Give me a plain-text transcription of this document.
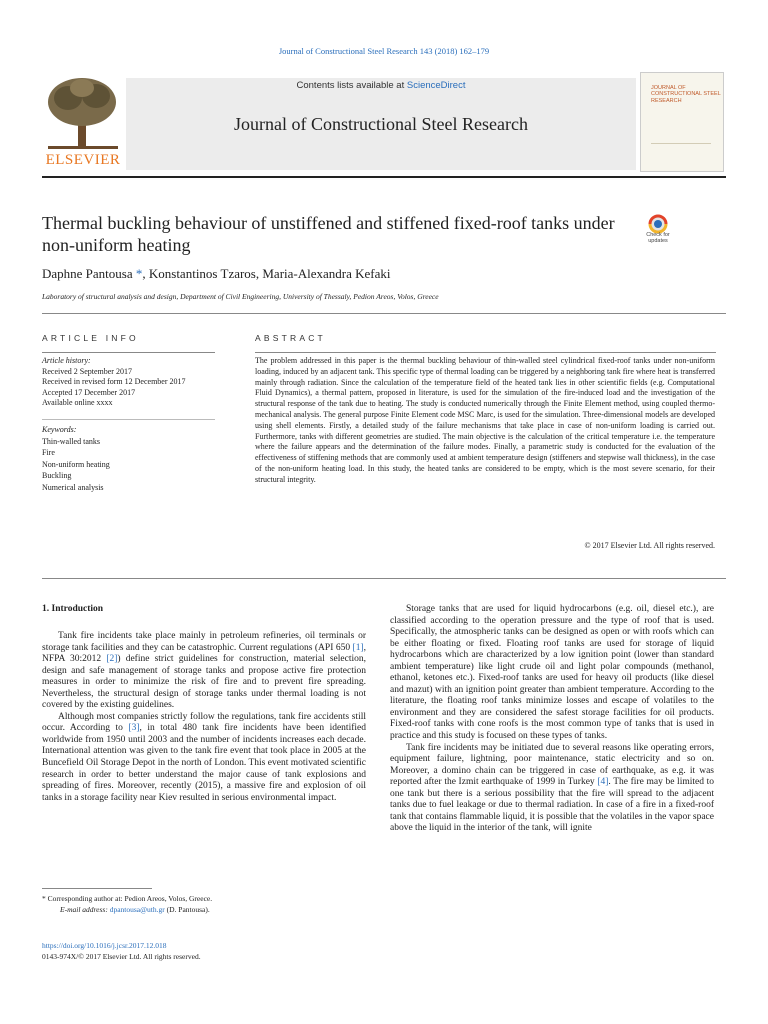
Journal of Constructional Steel Research 143 (2018) 162–179
ELSEVIER
Contents lists available at ScienceDirect
Journal of Constructional Steel Research
JOURNAL OF CONSTRUCTIONAL STEEL RESEARCH
Thermal buckling behaviour of unstiffened and stiffened fixed-roof tanks under non-uniform heating	Check for updates
Daphne Pantousa *, Konstantinos Tzaros, Maria-Alexandra Kefaki
Laboratory of structural analysis and design, Department of Civil Engineering, University of Thessaly, Pedion Areos, Volos, Greece
ARTICLE INFO	ABSTRACT
Article history:
Received 2 September 2017
Received in revised form 12 December 2017
Accepted 17 December 2017
Available online xxxx
Keywords:
Thin-walled tanks
Fire
Non-uniform heating
Buckling
Numerical analysis
The problem addressed in this paper is the thermal buckling behaviour of thin-walled steel cylindrical fixed-roof tanks under non-uniform loading, induced by an adjacent tank. This specific type of thermal loading can be triggered by a neighboring tank fire where heat is transferred mainly through radiation. Since the calculation of the temperature field of the heated tank lies in other scientific fields (e.g. Computational Fluid Dynamics), a thermal pattern, proposed in literature, is used for the simulation of the fire-induced load and the investigation of the structural response of the tank due to heating. The study is conducted numerically through the Finite Element method, using coupled thermo-mechanical analysis. The general purpose Finite Element code MSC Marc, is used for the simulation. Three-dimensional models are developed using shell elements. Firstly, a detailed study of the failure mechanisms that take place in case of non-uniform loading is carried out. Furthermore, tanks with different geometries are studied. The main objective is the calculation of the critical temperature i.e. the temperature where the failure appears and the determination of the failure modes. Finally, a parametric study is conducted for the evaluation of the effectiveness of stiffening methods that are commonly used at ambient temperature design (stiffeners and stepwise wall thickness), in the case of the non-uniform heating load. In this study, the heated tanks are considered to be empty, which is the most severe scenario, for their structural integrity.
© 2017 Elsevier Ltd. All rights reserved.
1. Introduction

Tank fire incidents take place mainly in petroleum refineries, oil terminals or storage tank facilities and they can be catastrophic. Current regulations (API 650 [1], NFPA 30:2012 [2]) define strict guidelines for construction, material selection, design and safe management of storage tanks and propose active fire protection measures in order to minimize the risk of fire and to prevent fire spreading. Nevertheless, the structural design of storage tanks under thermal loading is not covered by the existing guidelines.

Although most companies strictly follow the regulations, tank fire accidents still occur. According to [3], in total 480 tank fire incidents have been identified worldwide from 1950 until 2003 and the number of incidents increases each decade. International attention was given to the tank fire event that took place in 2005 at the Buncefield Oil Storage Depot in the north of London. This event motivated scientific research in order to better understand the major cause of tank explosions and spreading of fires. Moreover, recently (2015), a massive fire and explosion of oil tanks in a storage facility near Kiev resulted in serious environmental impact.

Storage tanks that are used for liquid hydrocarbons (e.g. oil, diesel etc.), are classified according to the operation pressure and the type of roof that is used. Specifically, the atmospheric tanks can be designed as open or with roofs which can be either floating or fixed. Floating roof tanks are used for storage of liquid hydrocarbons which are characterized by a low ignition point (lower than standard ambient temperature) like light crude oil and light polar compounds (methanol, ethanol, ketones etc.). Fixed-roof tanks are used for heavy oil products (like diesel and mazut) with an ignition point greater than ambient temperature. According to the literature, the floating roof tanks minimize losses and escape of volatiles to the environment and they are considered the safest storage facilities for oil products. Fixed-roof tanks with cone roofs is the most common type of tanks that is used in practice and this study is focused on these types of tanks.

Tank fire incidents may be initiated due to several reasons like operating errors, equipment failure, lightning, poor maintenance, static electricity and so on. Moreover, a domino chain can be triggered in case of earthquake, as e.g. it was reported after the Izmit earthquake of 1999 in Turkey [4]. The fire may be limited to one tank but there is a serious possibility that the fire will spread to the adjacent tanks due to fuel leakage or due to thermal radiation. In case of a fire in a fixed-roof tank that contains flammable liquid, it is possible that the volatiles in the vapor space above the liquid in the interior of the tank, will ignite

* Corresponding author at: Pedion Areos, Volos, Greece.
E-mail address: dpantousa@uth.gr (D. Pantousa).
https://doi.org/10.1016/j.jcsr.2017.12.018
0143-974X/© 2017 Elsevier Ltd. All rights reserved.
